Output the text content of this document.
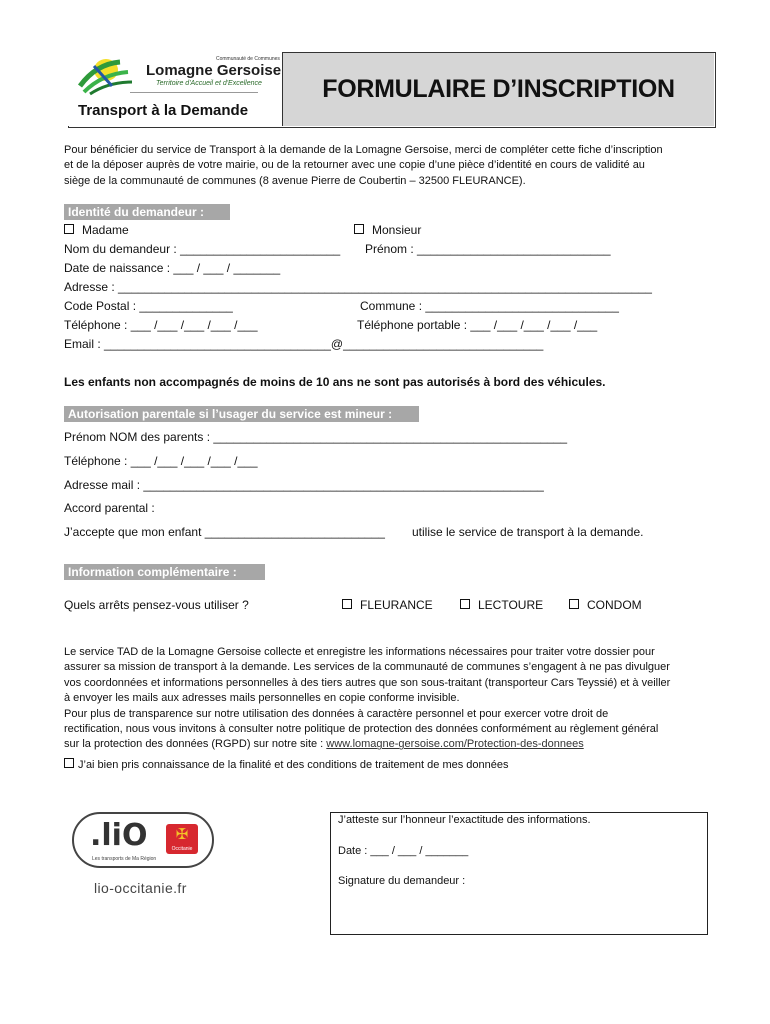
Communauté de Communes
Lomagne Gersoise
Territoire d'Accueil et d'Excellence
Transport à la Demande
FORMULAIRE D’INSCRIPTION
Pour bénéficier du service de Transport à la demande de la Lomagne Gersoise, merci de compléter cette fiche d’inscription
et de la déposer auprès de votre mairie, ou de la retourner avec une copie d’une pièce d’identité en cours de validité au
siège de la communauté de communes (8 avenue Pierre de Coubertin – 32500 FLEURANCE).
Identité du demandeur :
Madame	Monsieur
Nom du demandeur : ________________________ Prénom : _____________________________
Date de naissance : ___ / ___ / _______
Adresse : ________________________________________________________________________________
Code Postal : ______________	Commune : _____________________________
Téléphone : ___ /___ /___ /___ /___	Téléphone portable : ___ /___ /___ /___ /___
Email : __________________________________@______________________________
Les enfants non accompagnés de moins de 10 ans ne sont pas autorisés à bord des véhicules.
Autorisation parentale si l’usager du service est mineur :
Prénom NOM des parents : _____________________________________________________
Téléphone : ___ /___ /___ /___ /___
Adresse mail : ____________________________________________________________
Accord parental :
J’accepte que mon enfant ___________________________ utilise le service de transport à la demande.
Information complémentaire :
Quels arrêts pensez-vous utiliser ?	FLEURANCE	LECTOURE	CONDOM
Le service TAD de la Lomagne Gersoise collecte et enregistre les informations nécessaires pour traiter votre dossier pour
assurer sa mission de transport à la demande. Les services de la communauté de communes s’engagent à ne pas divulguer
vos coordonnées et informations personnelles à des tiers autres que son sous-traitant (transporteur Cars Teyssié) et à veiller
à envoyer les mails aux adresses mails personnelles en copie conforme invisible.
Pour plus de transparence sur notre utilisation des données à caractère personnel et pour exercer votre droit de
rectification, nous vous invitons à consulter notre politique de protection des données conformément au règlement général
sur la protection des données (RGPD) sur notre site : www.lomagne-gersoise.com/Protection-des-donnees
J’ai bien pris connaissance de la finalité et des conditions de traitement de mes données
.liO	✠
Occitanie
Les transports de Ma Région
lio-occitanie.fr
J’atteste sur l’honneur l’exactitude des informations.
Date : ___ / ___ / _______
Signature du demandeur :
